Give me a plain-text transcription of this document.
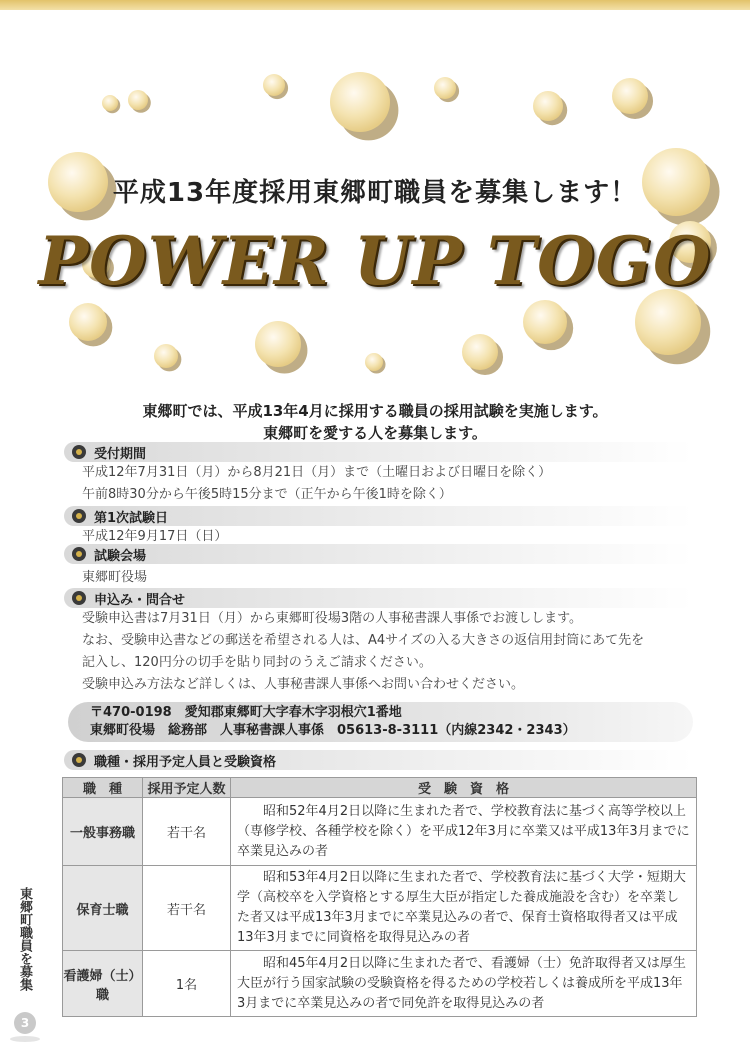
平成13年度採用東郷町職員を募集します！
POWER UP TOGO
東郷町では、平成13年4月に採用する職員の採用試験を実施します。
東郷町を愛する人を募集します。
受付期間
平成12年7月31日（月）から8月21日（月）まで（土曜日および日曜日を除く）
午前8時30分から午後5時15分まで（正午から午後1時を除く）
第1次試験日
平成12年9月17日（日）
試験会場
東郷町役場
申込み・問合せ
受験申込書は7月31日（月）から東郷町役場3階の人事秘書課人事係でお渡しします。
なお、受験申込書などの郵送を希望される人は、A4サイズの入る大きさの返信用封筒にあて先を
記入し、120円分の切手を貼り同封のうえご請求ください。
受験申込み方法など詳しくは、人事秘書課人事係へお問い合わせください。
〒470-0198　愛知郡東郷町大字春木字羽根穴1番地
東郷町役場　総務部　人事秘書課人事係　05613-8-3111（内線2342・2343）
職種・採用予定人員と受験資格
職　種	採用予定人数	受　験　資　格
一般事務職	若干名	昭和52年4月2日以降に生まれた者で、学校教育法に基づく高等学校以上（専修学校、各種学校を除く）を平成12年3月に卒業又は平成13年3月までに卒業見込みの者
保育士職	若干名	昭和53年4月2日以降に生まれた者で、学校教育法に基づく大学・短期大学（高校卒を入学資格とする厚生大臣が指定した養成施設を含む）を卒業した者又は平成13年3月までに卒業見込みの者で、保育士資格取得者又は平成13年3月までに同資格を取得見込みの者
看護婦（士）職	1名	昭和45年4月2日以降に生まれた者で、看護婦（士）免許取得者又は厚生大臣が行う国家試験の受験資格を得るための学校若しくは養成所を平成13年3月までに卒業見込みの者で同免許を取得見込みの者
東郷町職員を募集
3
